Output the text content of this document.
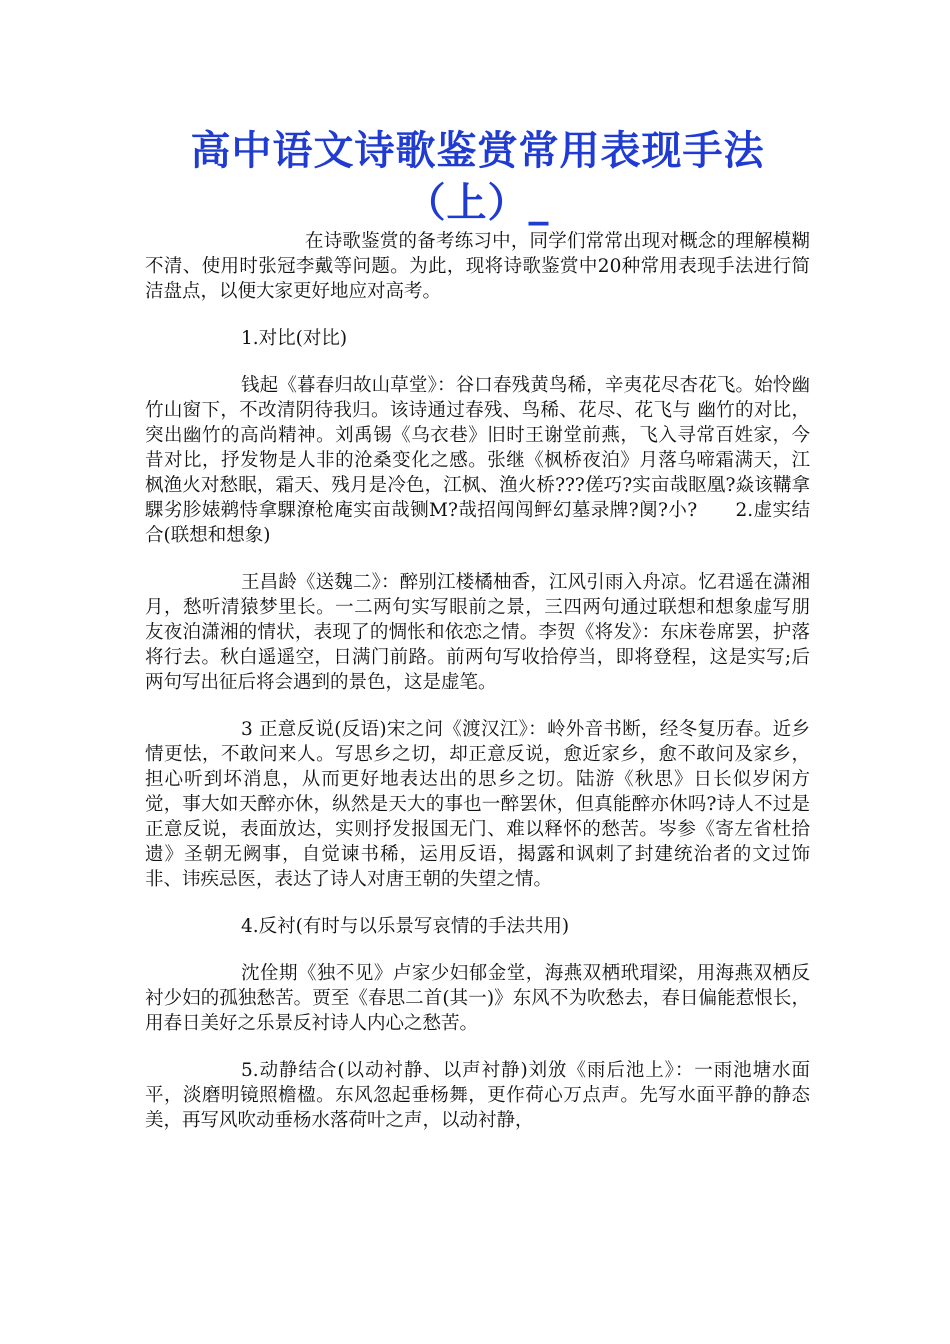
高中语文诗歌鉴赏常用表现手法
（上）_

在诗歌鉴赏的备考练习中，同学们常常出现对概念的理解模糊不清、使用时张冠李戴等问题。为此，现将诗歌鉴赏中20种常用表现手法进行简洁盘点，以便大家更好地应对高考。

1.对比(对比)

钱起《暮春归故山草堂》：谷口春残黄鸟稀，辛夷花尽杏花飞。始怜幽竹山窗下，不改清阴待我归。该诗通过春残、鸟稀、花尽、花飞与 幽竹的对比，突出幽竹的高尚精神。刘禹锡《乌衣巷》旧时王谢堂前燕，飞入寻常百姓家，今昔对比，抒发物是人非的沧桑变化之感。张继《枫桥夜泊》月落乌啼霜满天，江枫渔火对愁眠，霜天、残月是冷色，江枫、渔火桥???傞巧?实亩哉眍凰?焱该鞲拿騍劣胗婊鹈恃拿騍潦枪庵实亩哉铡M?哉招闯闯鲆幻墓录牌?阒?小?　　2.虚实结合(联想和想象)

王昌龄《送魏二》：醉别江楼橘柚香，江风引雨入舟凉。忆君遥在潇湘月，愁听清猿梦里长。一二两句实写眼前之景，三四两句通过联想和想象虚写朋友夜泊潇湘的情状，表现了的惆怅和依恋之情。李贺《将发》：东床卷席罢，护落将行去。秋白遥遥空，日满门前路。前两句写收拾停当，即将登程，这是实写;后两句写出征后将会遇到的景色，这是虚笔。

3 正意反说(反语)宋之问《渡汉江》：岭外音书断，经冬复历春。近乡情更怯，不敢问来人。写思乡之切，却正意反说，愈近家乡，愈不敢问及家乡，担心听到坏消息，从而更好地表达出的思乡之切。陆游《秋思》日长似岁闲方觉，事大如天醉亦休，纵然是天大的事也一醉罢休，但真能醉亦休吗?诗人不过是正意反说，表面放达，实则抒发报国无门、难以释怀的愁苦。岑参《寄左省杜拾遗》圣朝无阙事，自觉谏书稀，运用反语，揭露和讽刺了封建统治者的文过饰非、讳疾忌医，表达了诗人对唐王朝的失望之情。

4.反衬(有时与以乐景写哀情的手法共用)

沈佺期《独不见》卢家少妇郁金堂，海燕双栖玳瑁梁，用海燕双栖反衬少妇的孤独愁苦。贾至《春思二首(其一)》东风不为吹愁去，春日偏能惹恨长，用春日美好之乐景反衬诗人内心之愁苦。

5.动静结合(以动衬静、以声衬静)刘攽《雨后池上》：一雨池塘水面平，淡磨明镜照檐楹。东风忽起垂杨舞，更作荷心万点声。先写水面平静的静态美，再写风吹动垂杨水落荷叶之声，以动衬静，
